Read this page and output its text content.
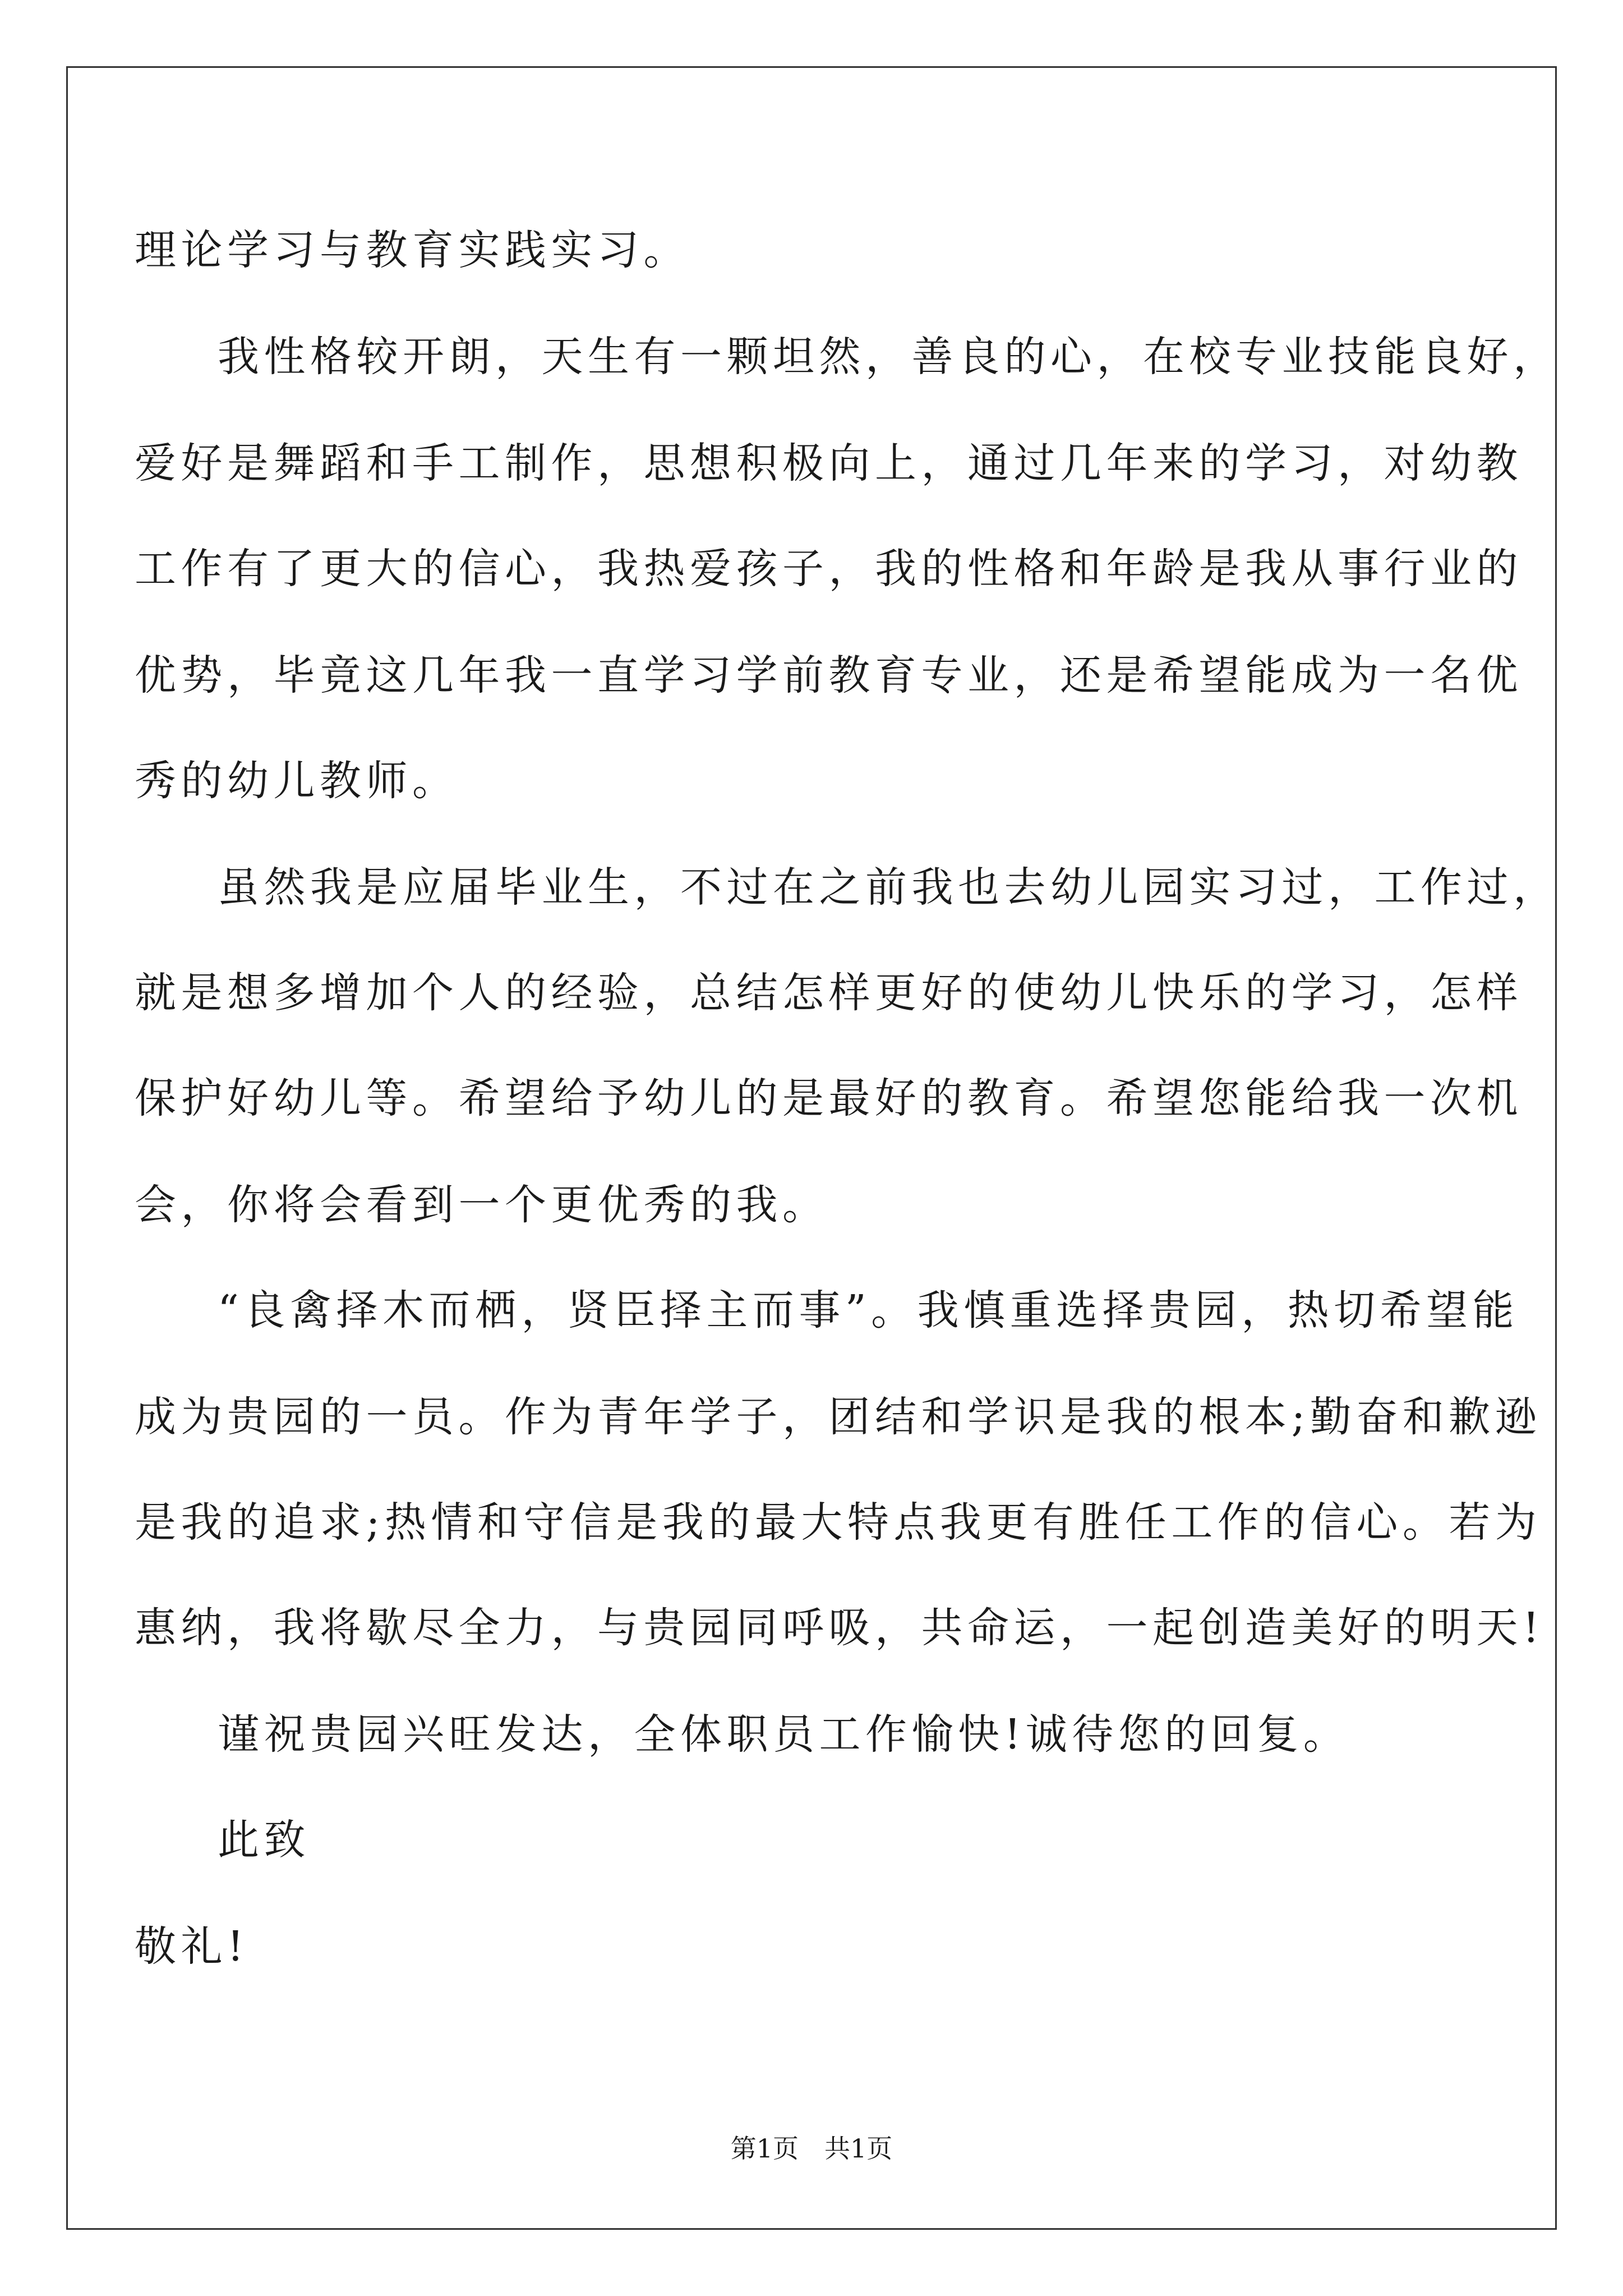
理论学习与教育实践实习。
我性格较开朗，天生有一颗坦然，善良的心，在校专业技能良好，
爱好是舞蹈和手工制作，思想积极向上，通过几年来的学习，对幼教
工作有了更大的信心，我热爱孩子，我的性格和年龄是我从事行业的
优势，毕竟这几年我一直学习学前教育专业，还是希望能成为一名优
秀的幼儿教师。
虽然我是应届毕业生，不过在之前我也去幼儿园实习过，工作过，
就是想多增加个人的经验，总结怎样更好的使幼儿快乐的学习，怎样
保护好幼儿等。希望给予幼儿的是最好的教育。希望您能给我一次机
会，你将会看到一个更优秀的我。
“良禽择木而栖，贤臣择主而事”。我慎重选择贵园，热切希望能
成为贵园的一员。作为青年学子，团结和学识是我的根本;勤奋和歉逊
是我的追求;热情和守信是我的最大特点我更有胜任工作的信心。若为
惠纳，我将歇尽全力，与贵园同呼吸，共命运，一起创造美好的明天!
谨祝贵园兴旺发达，全体职员工作愉快!诚待您的回复。
此致
敬礼!
第1页 共1页
